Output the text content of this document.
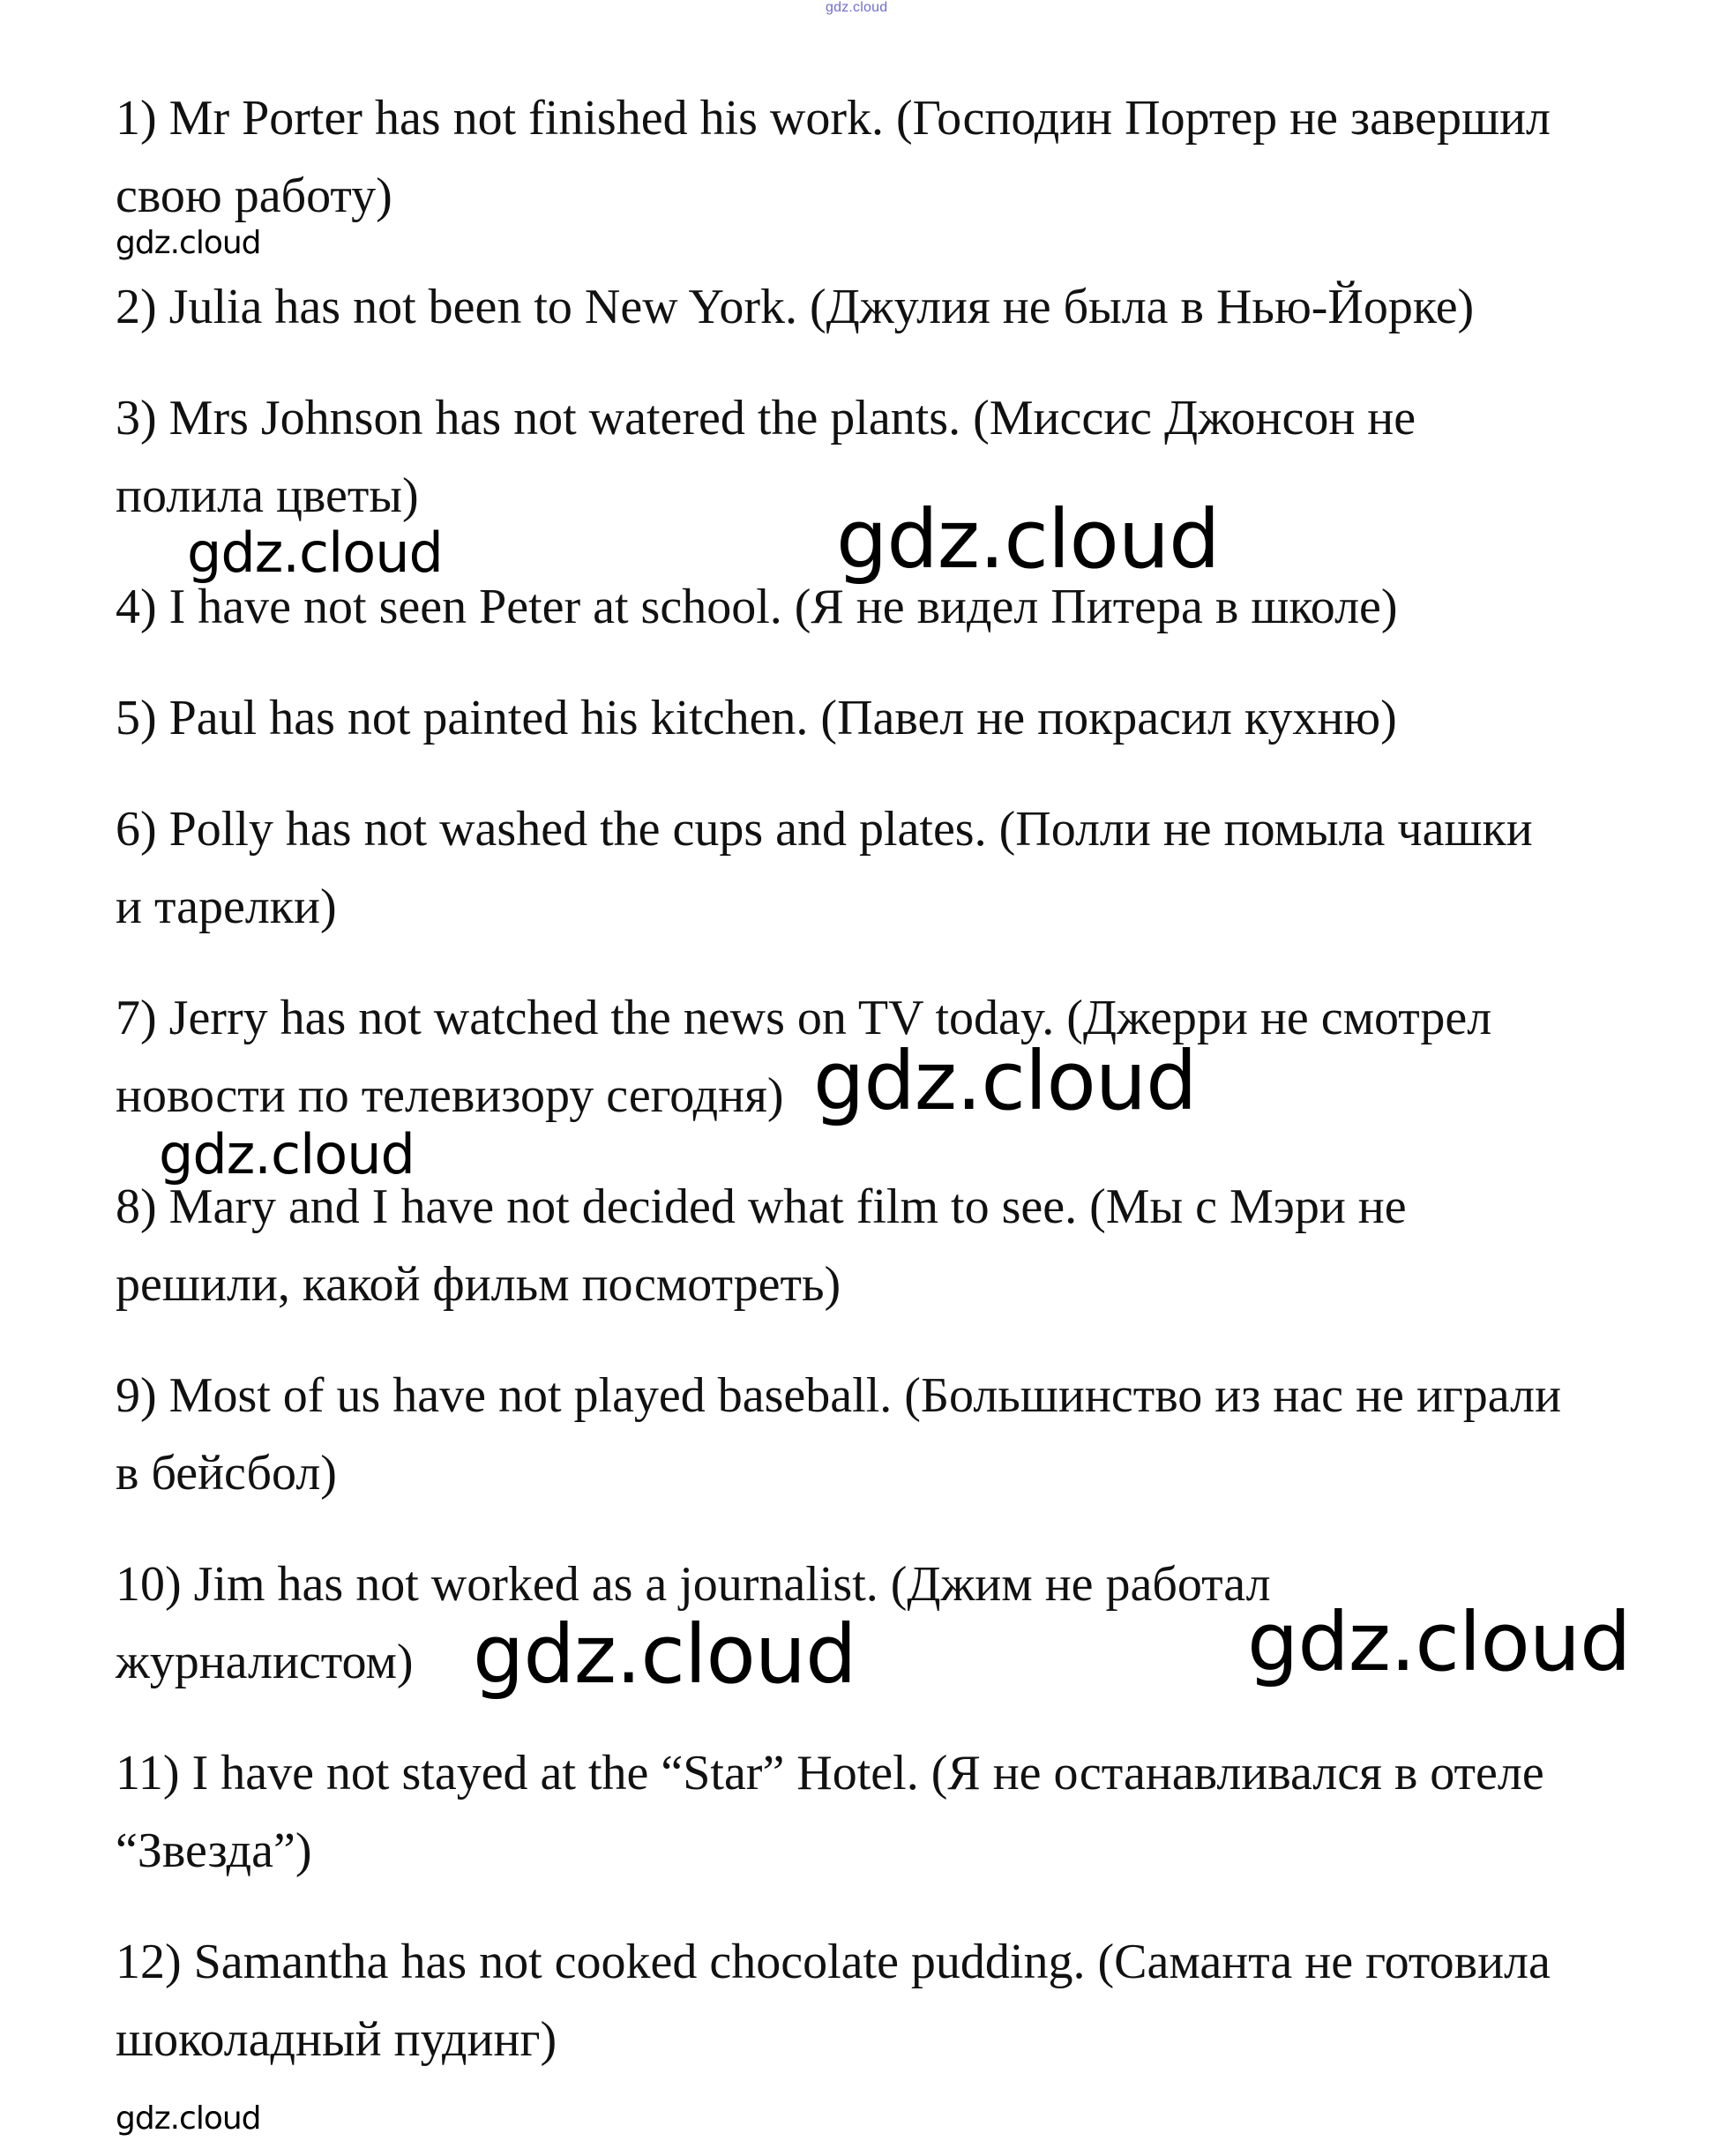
gdz.cloud
1) Mr Porter has not finished his work. (Господин Портер не завершил
свою работу)
2) Julia has not been to New York. (Джулия не была в Нью-Йорке)
3) Mrs Johnson has not watered the plants. (Миссис Джонсон не
полила цветы)
4) I have not seen Peter at school. (Я не видел Питера в школе)
5) Paul has not painted his kitchen. (Павел не покрасил кухню)
6) Polly has not washed the cups and plates. (Полли не помыла чашки
и тарелки)
7) Jerry has not watched the news on TV today. (Джерри не смотрел
новости по телевизору сегодня)
8) Mary and I have not decided what film to see. (Мы с Мэри не
решили, какой фильм посмотреть)
9) Most of us have not played baseball. (Большинство из нас не играли
в бейсбол)
10) Jim has not worked as a journalist. (Джим не работал
журналистом)
11) I have not stayed at the “Star” Hotel. (Я не останавливался в отеле
“Звезда”)
12) Samantha has not cooked chocolate pudding. (Саманта не готовила
шоколадный пудинг)
gdz.cloud
gdz.cloud	gdz.cloud
gdz.cloud
gdz.cloud
gdz.cloud	gdz.cloud
gdz.cloud
